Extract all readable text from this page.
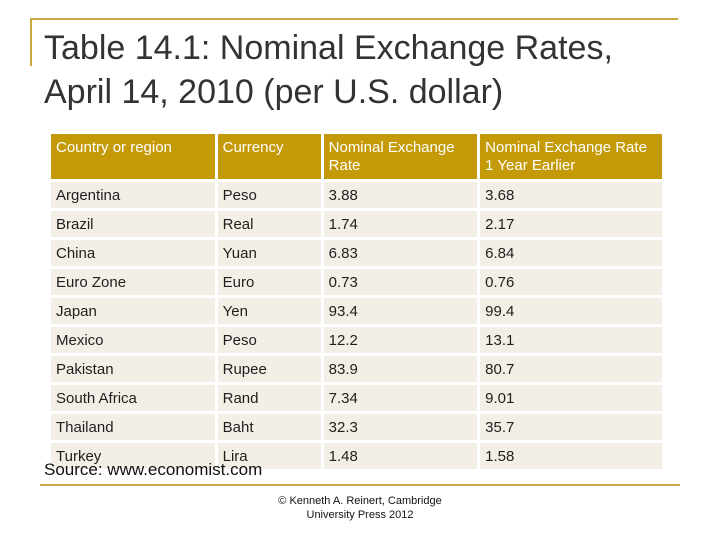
Table 14.1: Nominal Exchange Rates,
April 14, 2010 (per U.S. dollar)
Country or region	Currency	Nominal Exchange Rate	Nominal Exchange Rate 1 Year Earlier
Argentina	Peso	3.88	3.68
Brazil	Real	1.74	2.17
China	Yuan	6.83	6.84
Euro Zone	Euro	0.73	0.76
Japan	Yen	93.4	99.4
Mexico	Peso	12.2	13.1
Pakistan	Rupee	83.9	80.7
South Africa	Rand	7.34	9.01
Thailand	Baht	32.3	35.7
Turkey	Lira	1.48	1.58
Source: www.economist.com
© Kenneth A. Reinert, Cambridge
University Press 2012
